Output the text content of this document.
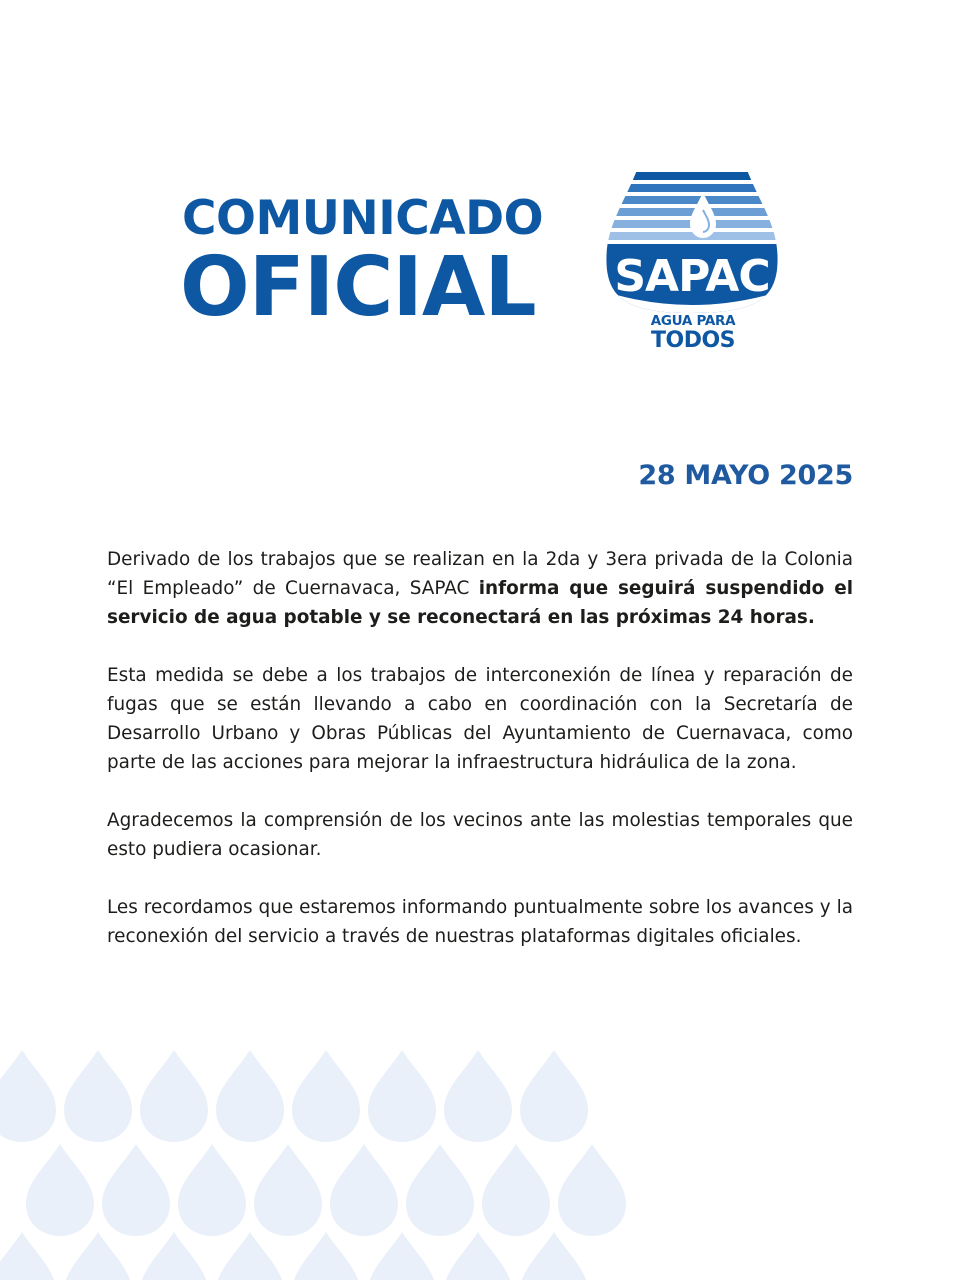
COMUNICADO
OFICIAL	SAPAC
AGUA PARA
TODOS
28 MAYO 2025

Derivado de los trabajos que se realizan en la 2da y 3era privada de la Colonia “El Empleado” de Cuernavaca, SAPAC informa que seguirá suspendido el servicio de agua potable y se reconectará en las próximas 24 horas.

Esta medida se debe a los trabajos de interconexión de línea y reparación de fugas que se están llevando a cabo en coordinación con la Secretaría de Desarrollo Urbano y Obras Públicas del Ayuntamiento de Cuernavaca, como parte de las acciones para mejorar la infraestructura hidráulica de la zona.

Agradecemos la comprensión de los vecinos ante las molestias temporales que esto pudiera ocasionar.

Les recordamos que estaremos informando puntualmente sobre los avances y la reconexión del servicio a través de nuestras plataformas digitales oficiales.
